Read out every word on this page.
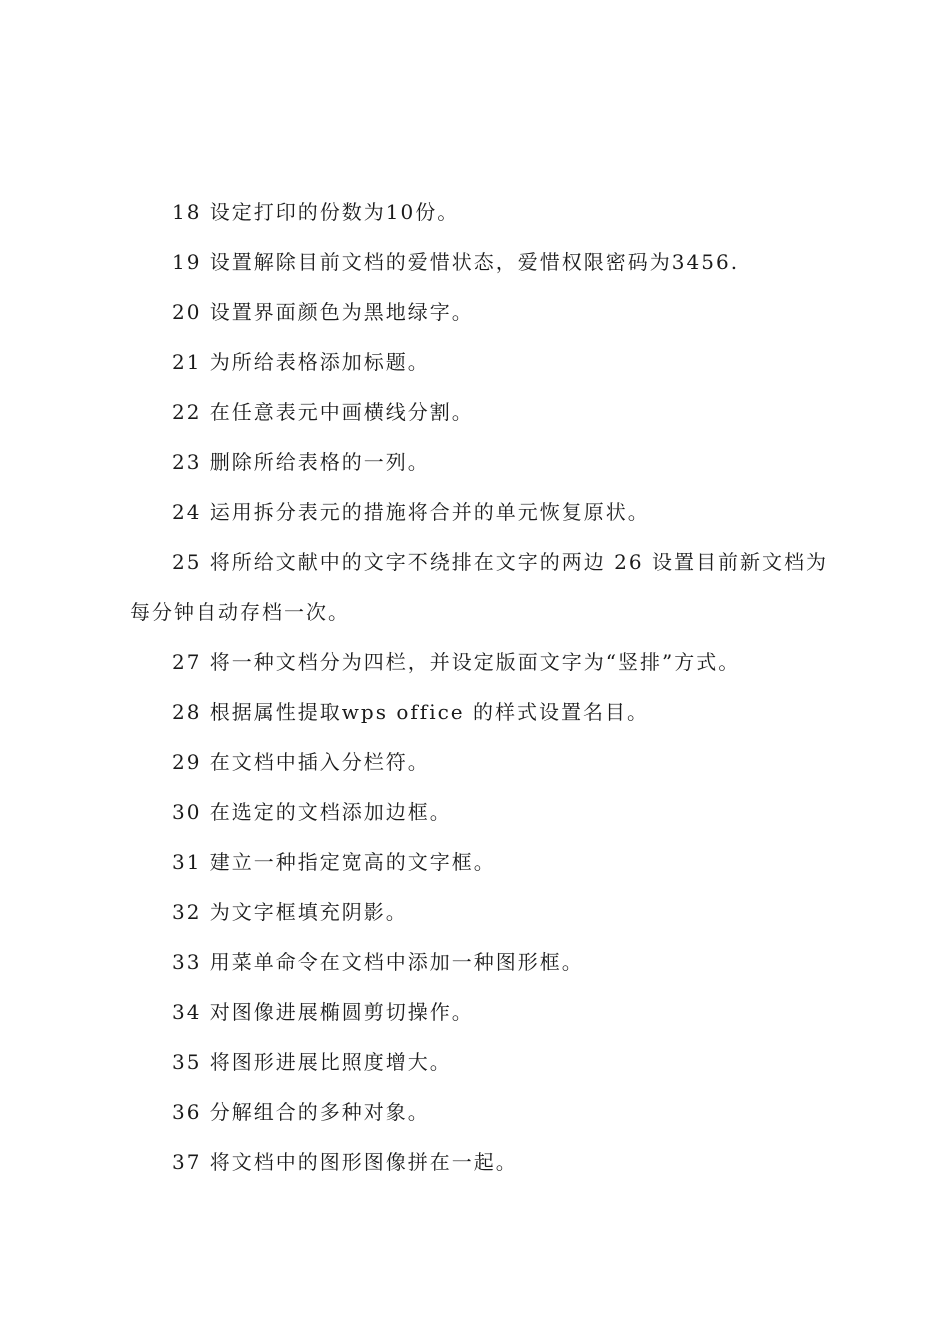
18 设定打印的份数为10份。

19 设置解除目前文档的爱惜状态，爱惜权限密码为3456.

20 设置界面颜色为黑地绿字。

21 为所给表格添加标题。

22 在任意表元中画横线分割。

23 删除所给表格的一列。

24 运用拆分表元的措施将合并的单元恢复原状。

25 将所给文献中的文字不绕排在文字的两边 26 设置目前新文档为每分钟自动存档一次。

27 将一种文档分为四栏，并设定版面文字为“竖排”方式。

28 根据属性提取wps office 的样式设置名目。

29 在文档中插入分栏符。

30 在选定的文档添加边框。

31 建立一种指定宽高的文字框。

32 为文字框填充阴影。

33 用菜单命令在文档中添加一种图形框。

34 对图像进展椭圆剪切操作。

35 将图形进展比照度增大。

36 分解组合的多种对象。

37 将文档中的图形图像拼在一起。
